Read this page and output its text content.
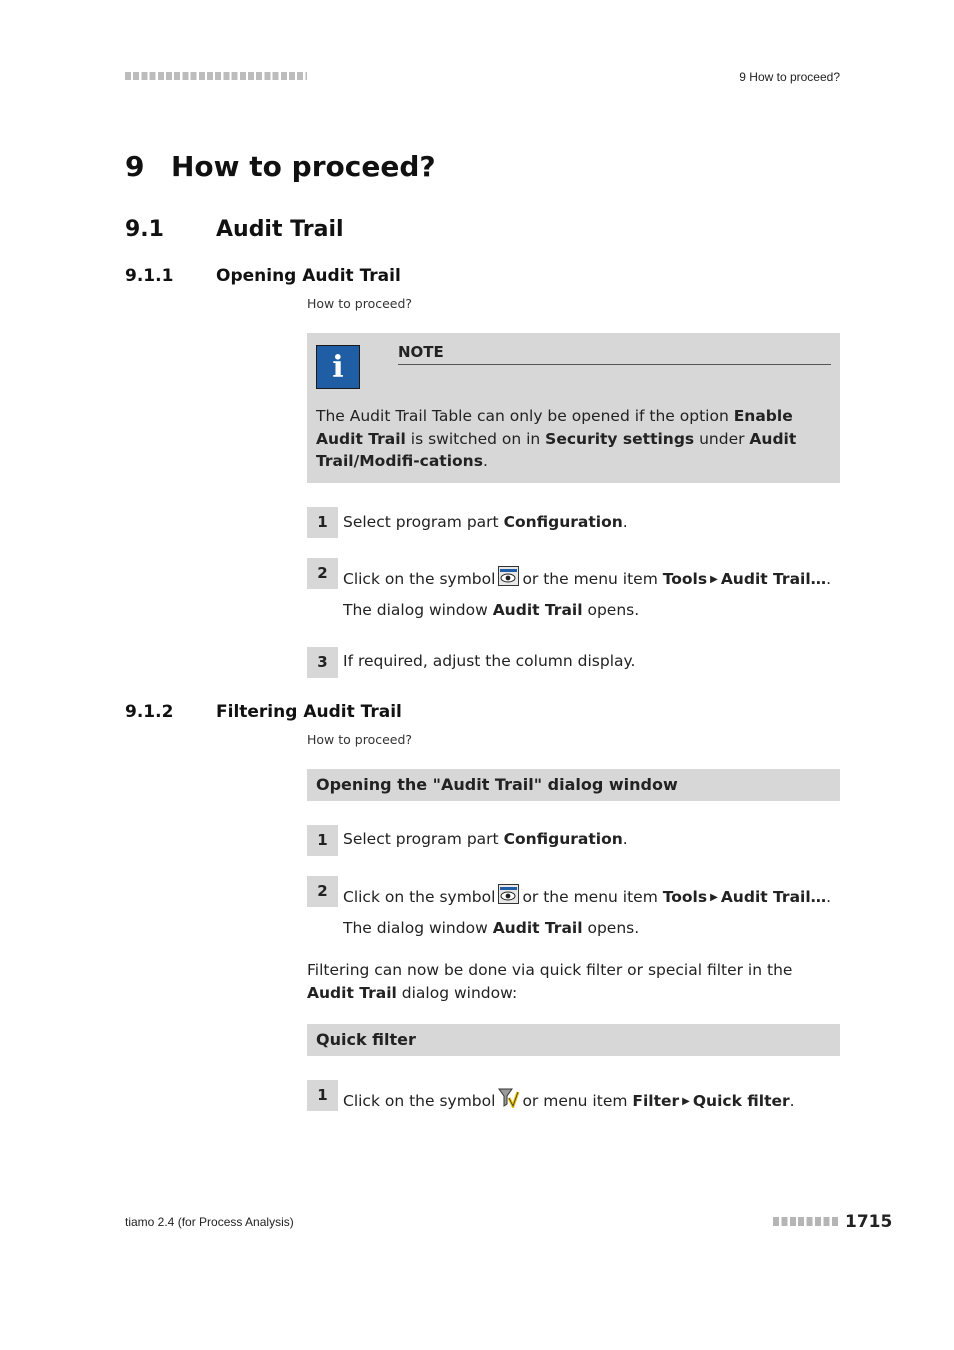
9 How to proceed?
9 How to proceed?
9.1 Audit Trail
9.1.1	Opening Audit Trail
How to proceed?
i	NOTE
The Audit Trail Table can only be opened if the option Enable Audit Trail is switched on in Security settings under Audit Trail/Modifi-cations.
1 Select program part Configuration.
2 Click on the symbol or the menu item Tools ▶ Audit Trail….
The dialog window Audit Trail opens.
3 If required, adjust the column display.
9.1.2	Filtering Audit Trail
How to proceed?
Opening the "Audit Trail" dialog window
1 Select program part Configuration.
2 Click on the symbol or the menu item Tools ▶ Audit Trail….
The dialog window Audit Trail opens.
Filtering can now be done via quick filter or special filter in the Audit Trail dialog window:
Quick filter
1 Click on the symbol or menu item Filter ▶ Quick filter.
tiamo 2.4 (for Process Analysis)	1715
